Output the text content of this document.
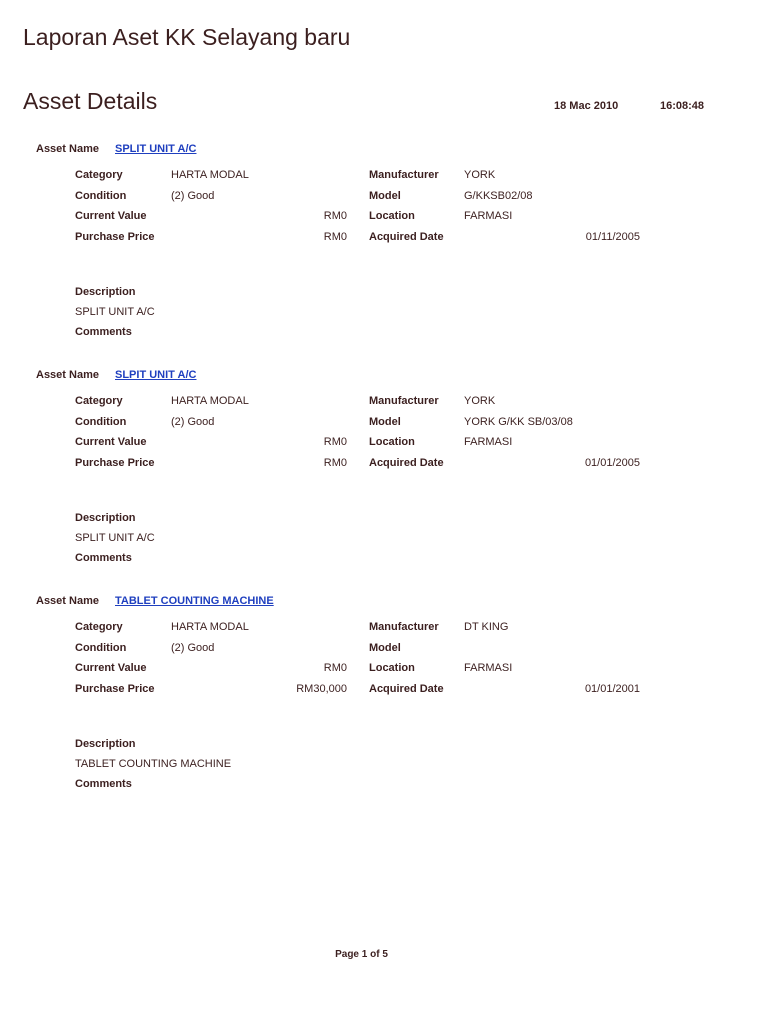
Laporan Aset KK Selayang baru
Asset Details	18 Mac 2010	16:08:48
Asset Name SPLIT UNIT A/C
Category	HARTA MODAL
Condition	(2) Good
Current Value	RM0
Purchase Price	RM0
Manufacturer YORK
Model	G/KKSB02/08
Location	FARMASI
Acquired Date	01/11/2005
Description
SPLIT UNIT A/C
Comments
Asset Name SLPIT UNIT A/C
Category	HARTA MODAL
Condition	(2) Good
Current Value	RM0
Purchase Price	RM0
Manufacturer YORK
Model	YORK G/KK SB/03/08
Location	FARMASI
Acquired Date	01/01/2005
Description
SPLIT UNIT A/C
Comments
Asset Name TABLET COUNTING MACHINE
Category	HARTA MODAL
Condition	(2) Good
Current Value	RM0
Purchase Price	RM30,000
Manufacturer DT KING
Model
Location	FARMASI
Acquired Date	01/01/2001
Description
TABLET COUNTING MACHINE
Comments
Page 1 of 5
